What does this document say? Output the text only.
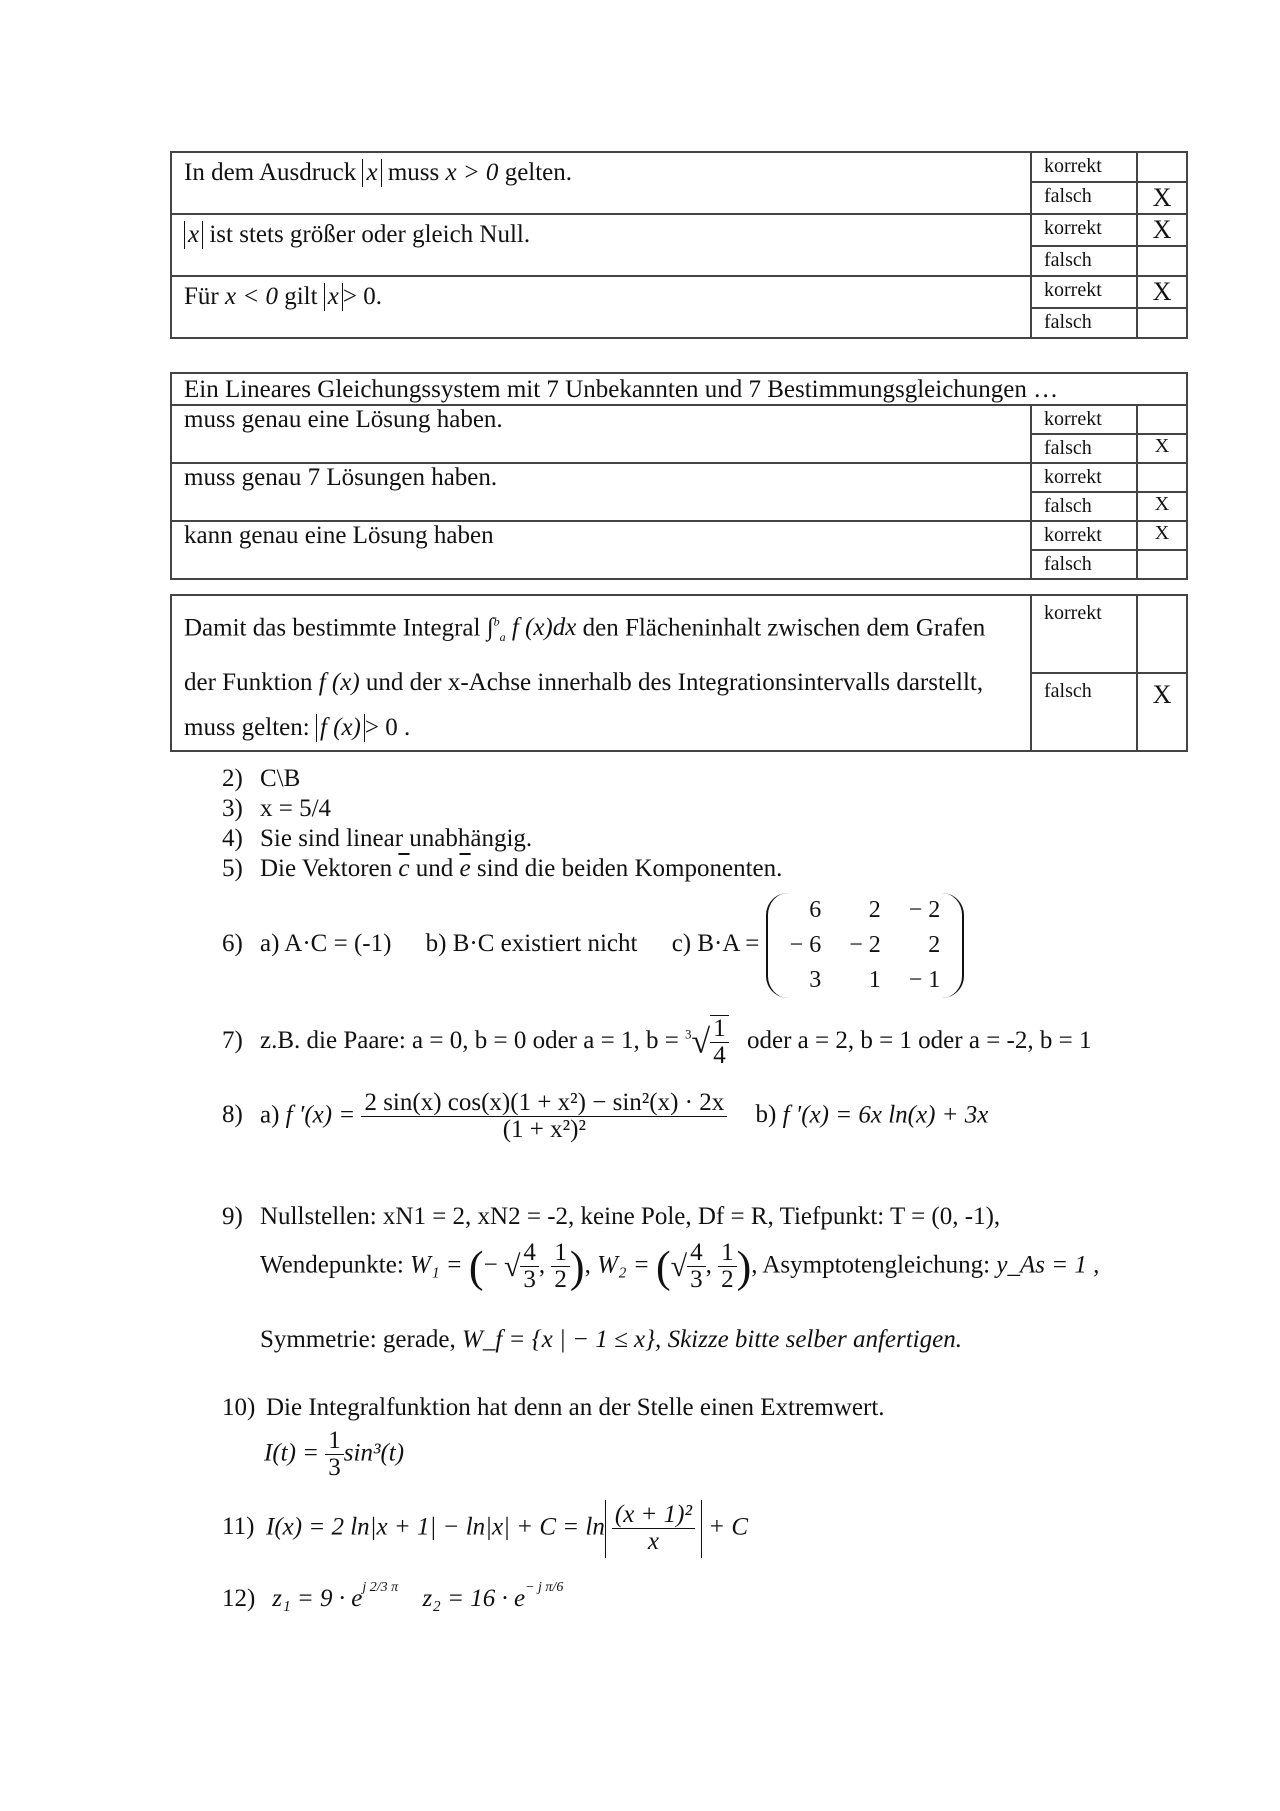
In dem Ausdruck x muss x > 0 gelten.	korrekt	
	falsch	X
x ist stets größer oder gleich Null.	korrekt	X
	falsch	
Für x < 0 gilt x > 0.	korrekt	X
	falsch	
Ein Lineares Gleichungssystem mit 7 Unbekannten und 7 Bestimmungsgleichungen …		
muss genau eine Lösung haben.	korrekt	
	falsch	X
muss genau 7 Lösungen haben.	korrekt	
	falsch	X
kann genau eine Lösung haben	korrekt	X
	falsch	
Damit das bestimmte Integral ∫$^b_a$ f (x)dx den Flächeninhalt zwischen dem Grafen
der Funktion f (x) und der x-Achse innerhalb des Integrationsintervalls darstellt,
muss gelten: f (x) > 0 .	korrekt	
	falsch	X
2) C\B
3) x = 5/4
4) Sie sind linear unabhängig.
5) Die Vektoren $\overline{c}$ und $\overline{e}$ sind die beiden Komponenten.
6) a) A·C = (-1) b) B·C existiert nicht c) B·A =
6	2	− 2
− 6	− 2	2
3	1	− 1
7) z.B. die Paare: a = 0, b = 0 oder a = 1, $b = ^3√ \frac{1}{4}$ oder a = 2, b = 1 oder a = -2, b = 1
8) a) f $'(x) = \frac{\text{2 sin(x) cos(x)(1 + x²) − sin²(x) · 2x}}{\text{(1 + x²)²}} b$) f ′(x) = 6x ln(x) + 3x
9) Nullstellen: xN1 = 2, xN2 = -2, keine Pole, Df = R, Tiefpunkt: T = (0, -1),
Wendepunkte: W₁ = (− √ $\frac{4}{3}$ , $\frac{1}{2}$ ), W₂ = (√ $\frac{4}{3}$ , $\frac{1}{2}$ ), Asymptotengleichung: y_As = 1 ,
Symmetrie: gerade, W_f = {x | − 1 ≤ x}, Skizze bitte selber anfertigen.
10) Die Integralfunktion hat denn an der Stelle einen Extremwert.
$I(t) = \frac{1}{3} \sin^3(t)$
11) I(x) = 2 $\ln|x + 1| - \ln|x| + C = \ln \frac{\text{(x + 1)²}}{x} + C$
12) $z_1 = 9 \cdot e^{j 2/3 \pi}$ $z_2 = 16 \cdot e^{- j \pi/6}$
